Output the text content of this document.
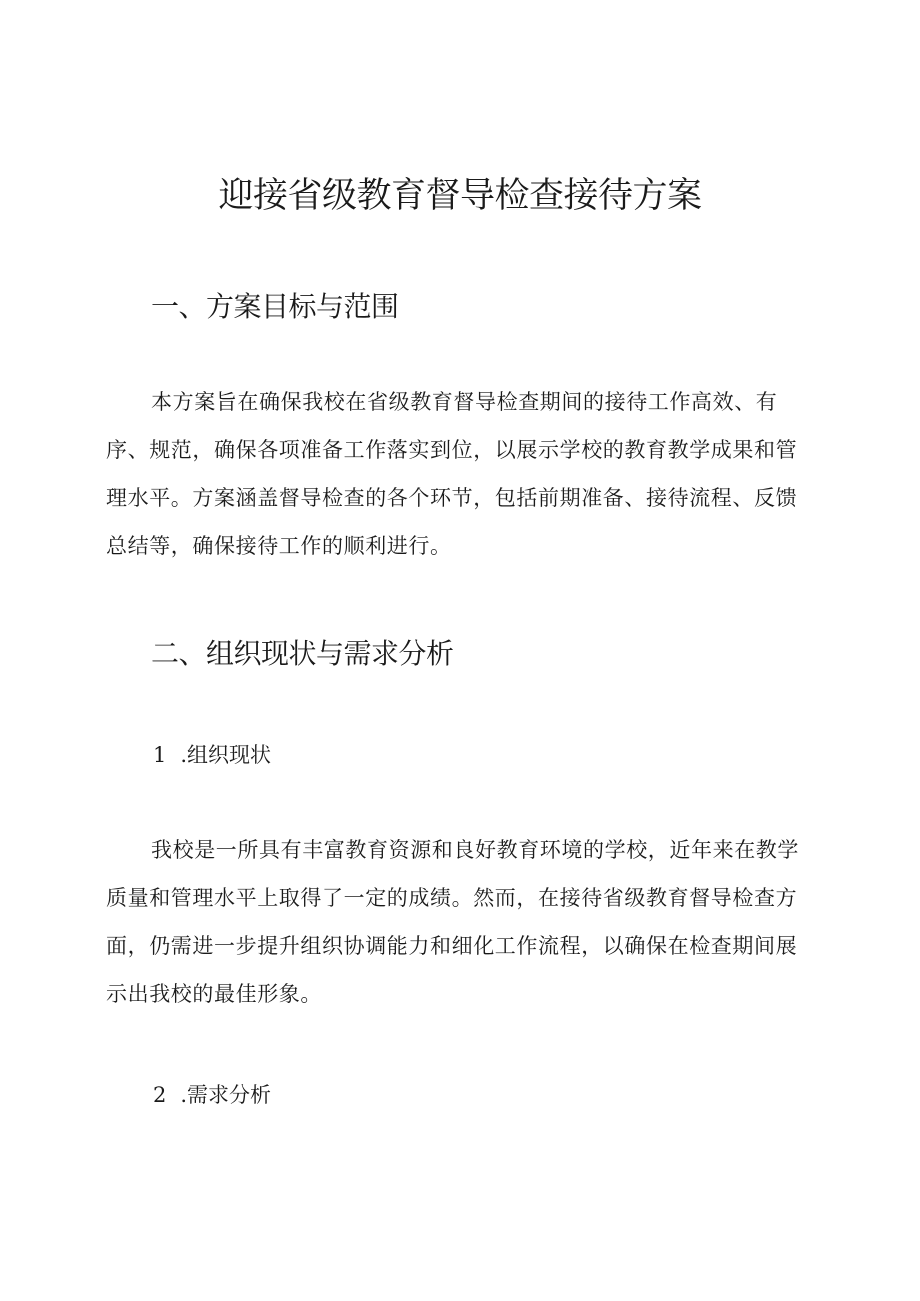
迎接省级教育督导检查接待方案
一、方案目标与范围

本方案旨在确保我校在省级教育督导检查期间的接待工作高效、有序、规范，确保各项准备工作落实到位，以展示学校的教育教学成果和管理水平。方案涵盖督导检查的各个环节，包括前期准备、接待流程、反馈总结等，确保接待工作的顺利进行。

二、组织现状与需求分析
1 .组织现状

我校是一所具有丰富教育资源和良好教育环境的学校，近年来在教学质量和管理水平上取得了一定的成绩。然而，在接待省级教育督导检查方面，仍需进一步提升组织协调能力和细化工作流程，以确保在检查期间展示出我校的最佳形象。

2 .需求分析
